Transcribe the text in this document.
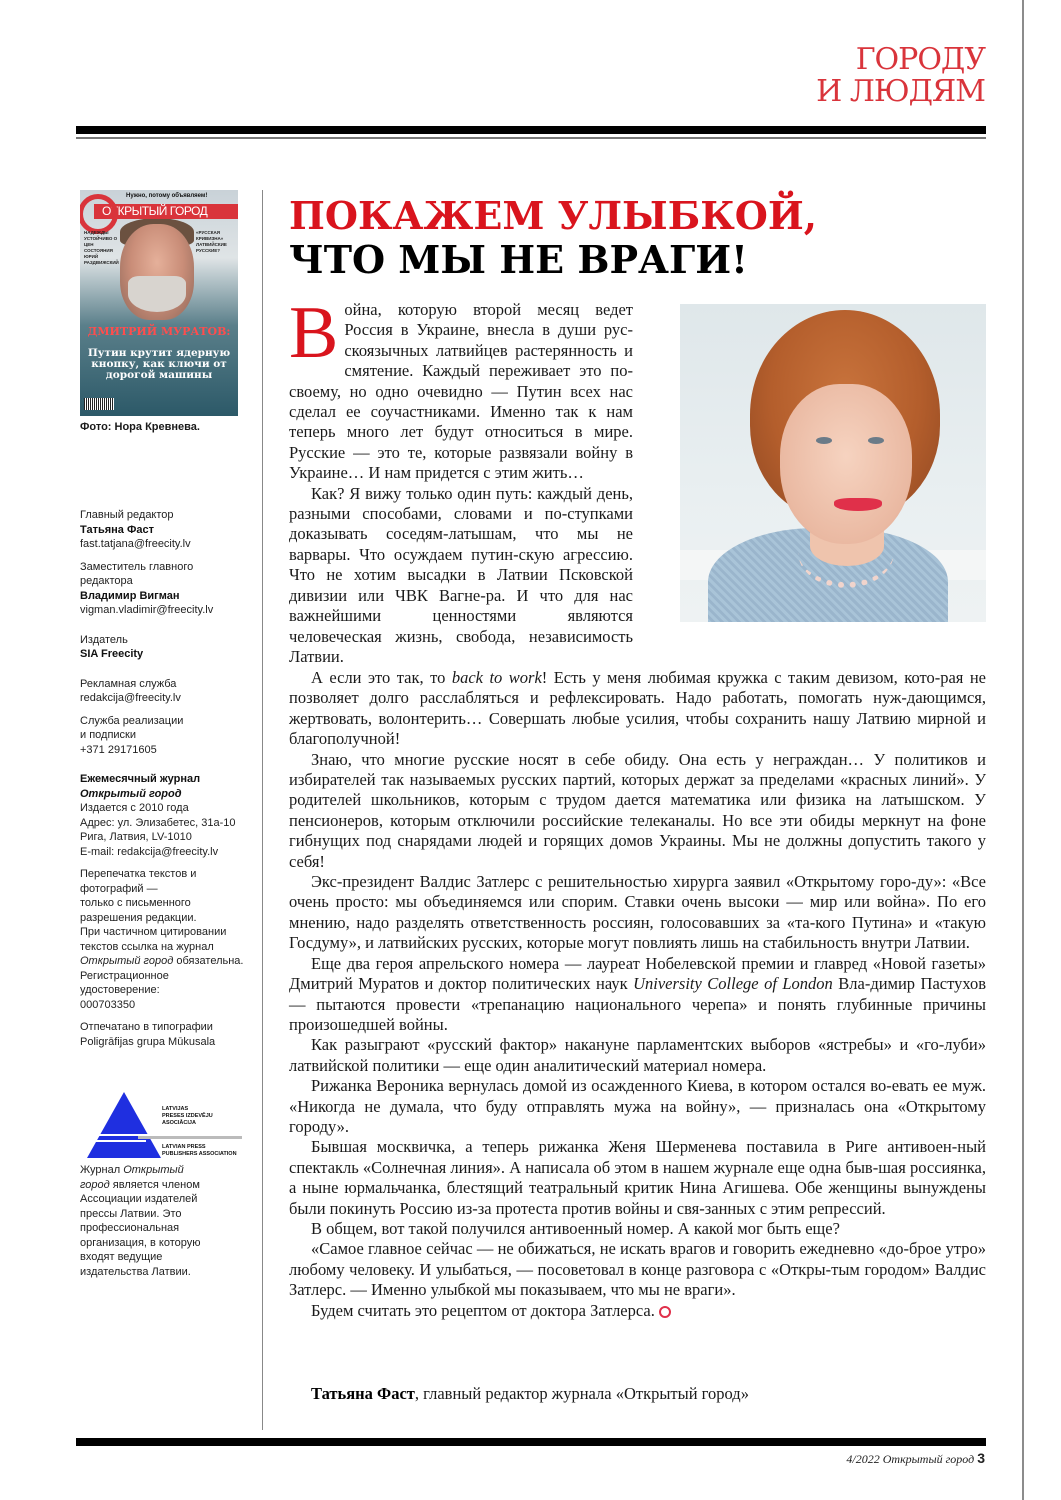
ГОРОДУ
И ЛЮДЯМ
ОТКРЫТЫЙ ГОРОД
Нужно, потому объявляем!
НАДЕЖДЫ УСТОЙЧИВО О ЦЕН СОСТОЯНИЯ ЮРИЙ РАЗДВИЖСКИЙ
«РУССКАЯ КРИВИЗНА» ЛАТВИЙСКИЕ РУССКИЕ?
ДМИТРИЙ МУРАТОВ:
Путин крутит ядерную кнопку, как ключи от дорогой машины
Фото: Нора Кревнева.

Главный редактор
Татьяна Фаст
fast.tatjana@freecity.lv

Заместитель главного
редактора
Владимир Вигман
vigman.vladimir@freecity.lv

Издатель
SIA Freecity

Рекламная служба
redakcija@freecity.lv

Служба реализации
и подписки
+371 29171605

Ежемесячный журнал
Открытый город
Издается с 2010 года
Адрес: ул. Элизабетес, 31а-10
Рига, Латвия, LV-1010
E-mail: redakcija@freecity.lv

Перепечатка текстов и
фотографий —
только с письменного
разрешения редакции.
При частичном цитировании
текстов ссылка на журнал
Открытый город обязательна.
Регистрационное
удостоверение:
000703350

Отпечатано в типографии
Poligrāfijas grupa Mūkusala

LATVIJAS
PRESES IZDEVĒJU
ASOCIĀCIJA
LATVIAN PRESS
PUBLISHERS ASSOCIATION
Журнал Открытый
город является членом
Ассоциации издателей
прессы Латвии. Это
профессиональная
организация, в которую
входят ведущие
издательства Латвии.
ПОКАЖЕМ УЛЫБКОЙ,
ЧТО МЫ НЕ ВРАГИ!

Война, которую второй месяц ведет Россия в Украине, внесла в души рус-скоязычных латвийцев растерянность и смятение. Каждый переживает это по-своему, но одно очевидно — Путин всех нас сделал ее соучастниками. Именно так к нам теперь много лет будут относиться в мире. Русские — это те, которые развязали войну в Украине… И нам придется с этим жить…

Как? Я вижу только один путь: каждый день, разными способами, словами и по-ступками доказывать соседям-латышам, что мы не варвары. Что осуждаем путин-скую агрессию. Что не хотим высадки в Латвии Псковской дивизии или ЧВК Вагне-ра. И что для нас важнейшими ценностями являются человеческая жизнь, свобода, независимость Латвии.

А если это так, то back to work! Есть у меня любимая кружка с таким девизом, кото-рая не позволяет долго расслабляться и рефлексировать. Надо работать, помогать нуж-дающимся, жертвовать, волонтерить… Совершать любые усилия, чтобы сохранить нашу Латвию мирной и благополучной!

Знаю, что многие русские носят в себе обиду. Она есть у неграждан… У политиков и избирателей так называемых русских партий, которых держат за пределами «красных линий». У родителей школьников, которым с трудом дается математика или физика на латышском. У пенсионеров, которым отключили российские телеканалы. Но все эти обиды меркнут на фоне гибнущих под снарядами людей и горящих домов Украины. Мы не должны допустить такого у себя!

Экс-президент Валдис Затлерс с решительностью хирурга заявил «Открытому горо-ду»: «Все очень просто: мы объединяемся или спорим. Ставки очень высоки — мир или война». По его мнению, надо разделять ответственность россиян, голосовавших за «та-кого Путина» и «такую Госдуму», и латвийских русских, которые могут повлиять лишь на стабильность внутри Латвии.

Еще два героя апрельского номера — лауреат Нобелевской премии и главред «Новой газеты» Дмитрий Муратов и доктор политических наук University College of London Вла-димир Пастухов — пытаются провести «трепанацию национального черепа» и понять глубинные причины произошедшей войны.

Как разыграют «русский фактор» накануне парламентских выборов «ястребы» и «го-луби» латвийской политики — еще один аналитический материал номера.

Рижанка Вероника вернулась домой из осажденного Киева, в котором остался во-евать ее муж. «Никогда не думала, что буду отправлять мужа на войну», — призналась она «Открытому городу».

Бывшая москвичка, а теперь рижанка Женя Шерменева поставила в Риге антивоен-ный спектакль «Солнечная линия». А написала об этом в нашем журнале еще одна быв-шая россиянка, а ныне юрмальчанка, блестящий театральный критик Нина Агишева. Обе женщины вынуждены были покинуть Россию из-за протеста против войны и свя-занных с этим репрессий.

В общем, вот такой получился антивоенный номер. А какой мог быть еще?

«Самое главное сейчас — не обижаться, не искать врагов и говорить ежедневно «до-брое утро» любому человеку. И улыбаться, — посоветовал в конце разговора с «Откры-тым городом» Валдис Затлерс. — Именно улыбкой мы показываем, что мы не враги».

Будем считать это рецептом от доктора Затлерса.

Татьяна Фаст, главный редактор журнала «Открытый город»
4/2022 Открытый город 3
